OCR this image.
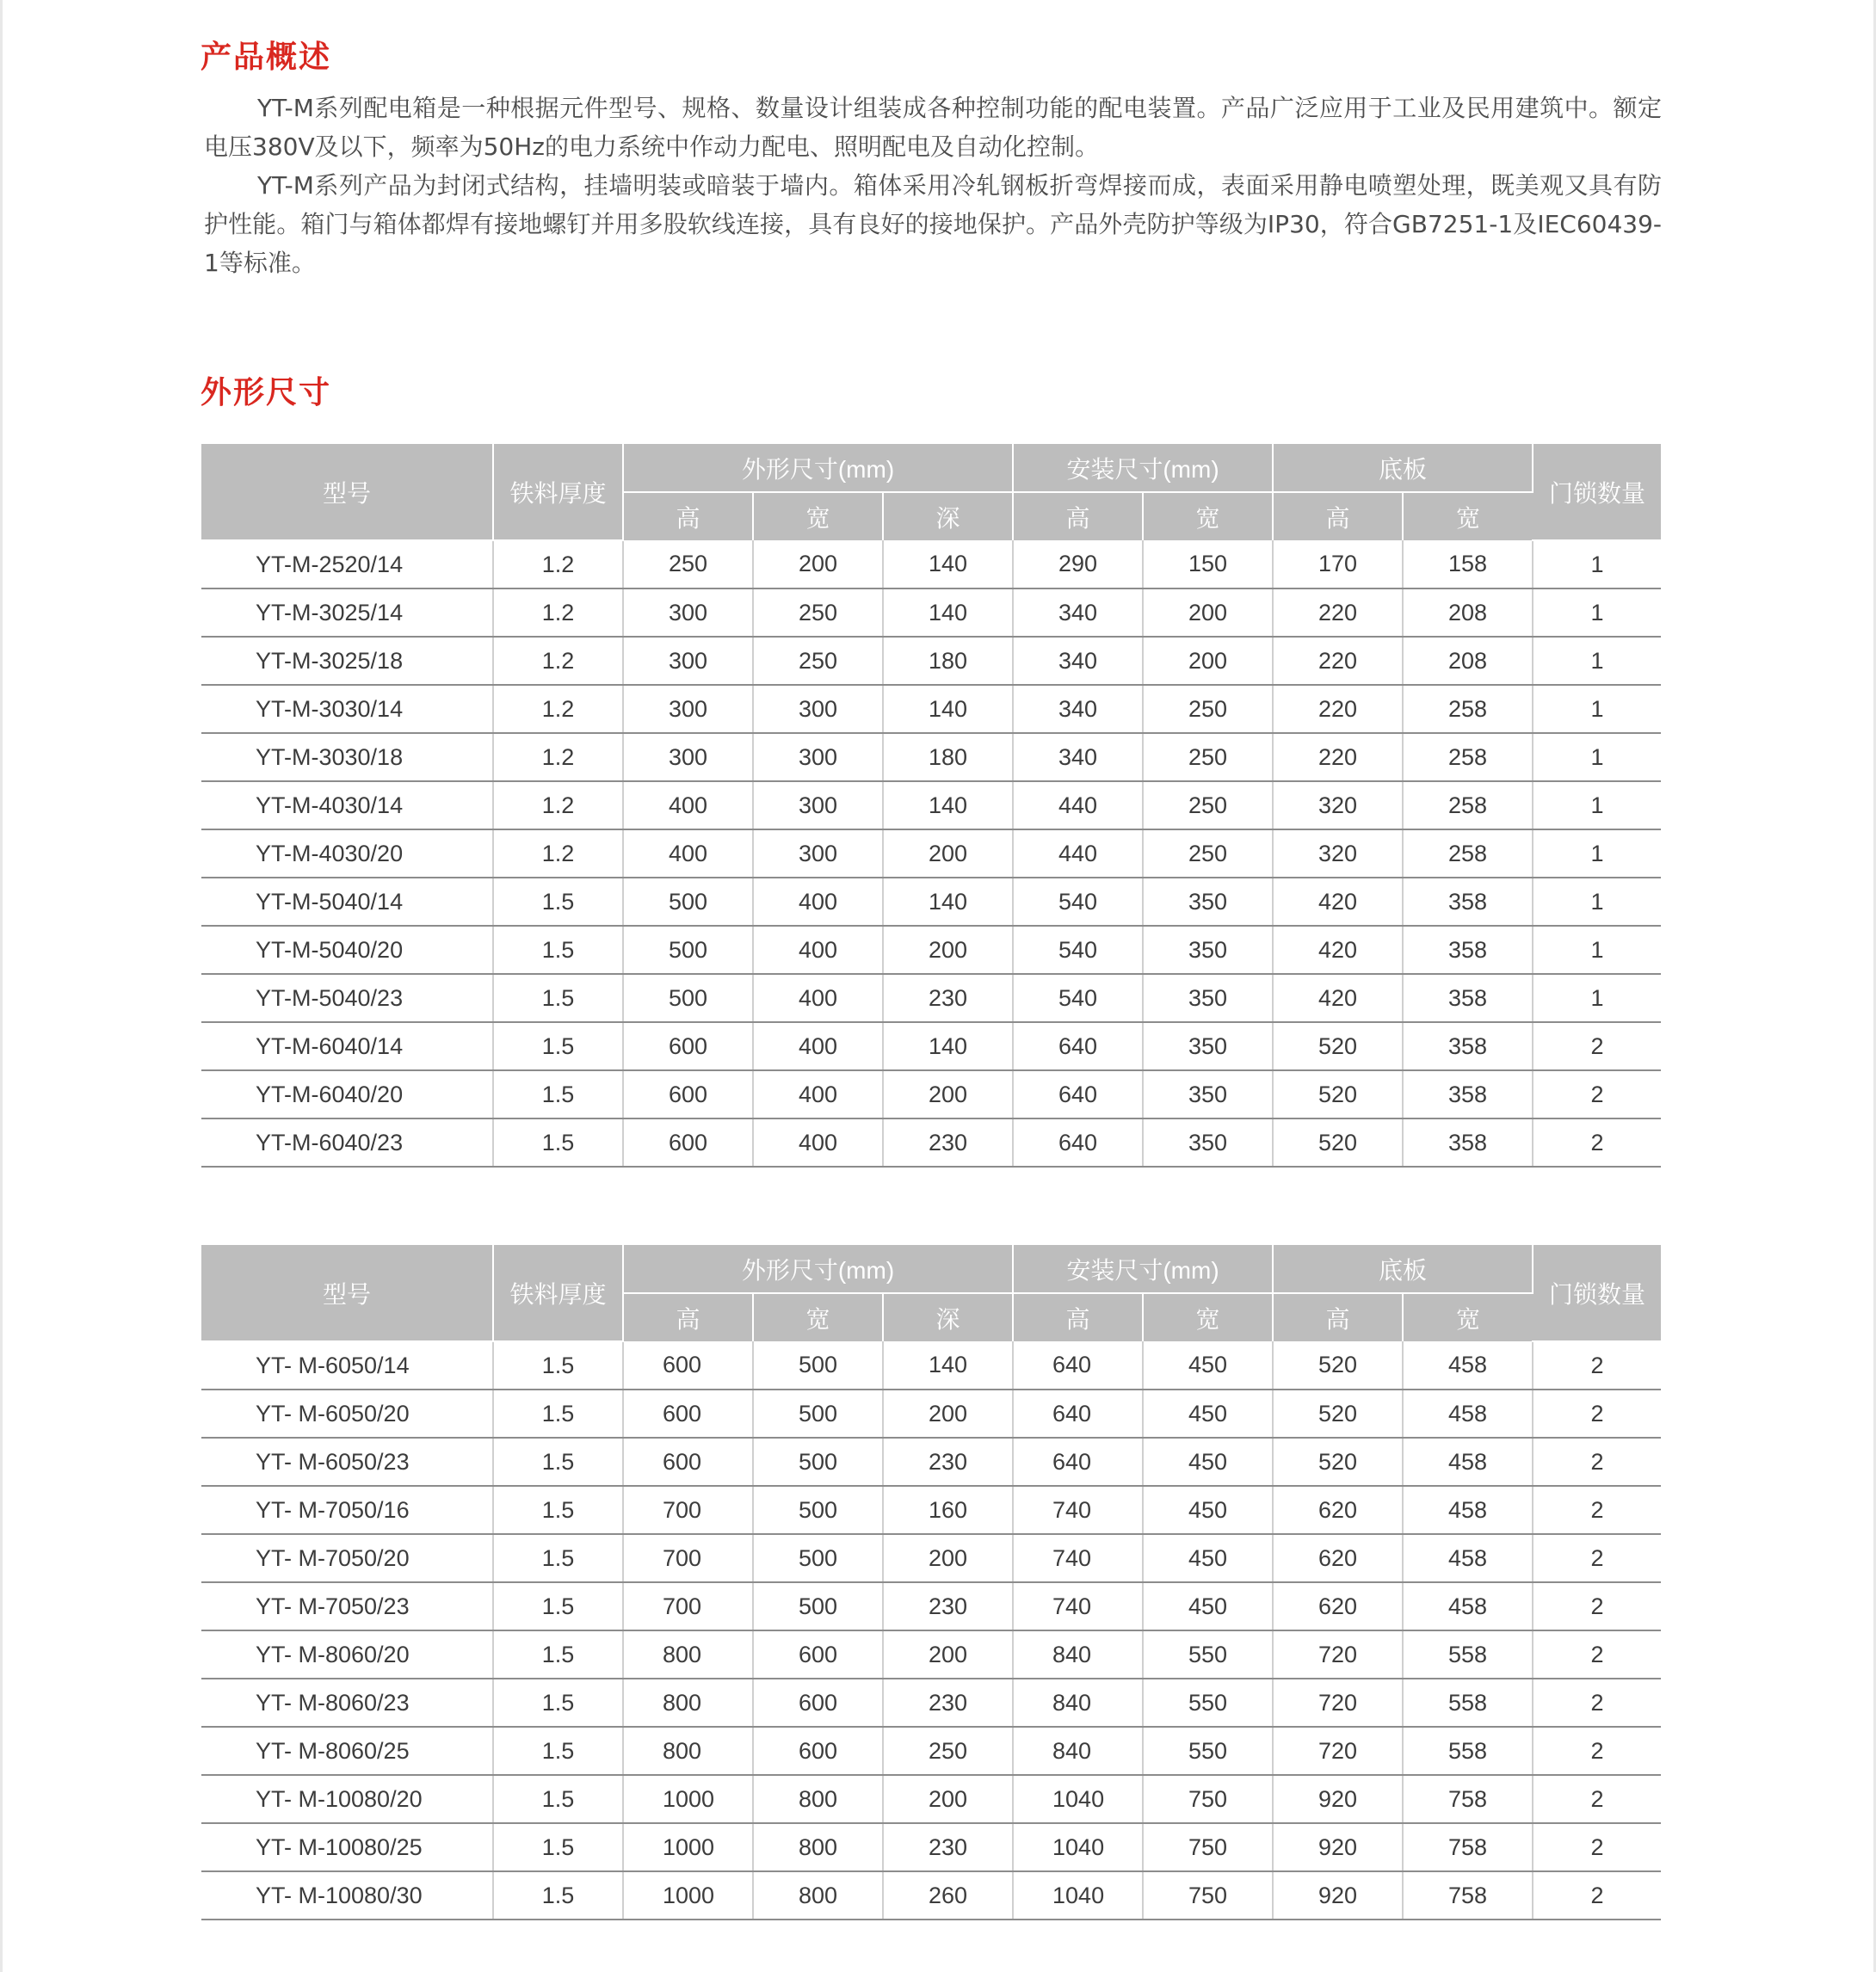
产品概述

YT-M系列配电箱是一种根据元件型号、规格、数量设计组装成各种控制功能的配电装置。产品广泛应用于工业及民用建筑中。额定电压380V及以下，频率为50Hz的电力系统中作动力配电、照明配电及自动化控制。

YT-M系列产品为封闭式结构，挂墙明装或暗装于墙内。箱体采用冷轧钢板折弯焊接而成，表面采用静电喷塑处理，既美观又具有防护性能。箱门与箱体都焊有接地螺钉并用多股软线连接，具有良好的接地保护。产品外壳防护等级为IP30，符合GB7251-1及IEC60439-1等标准。

外形尺寸
型号	铁料厚度	外形尺寸(mm)			安装尺寸(mm)		底板		门锁数量
		高	宽	深	高	宽	高	宽	
YT-M-2520/14	1.2	250	200	140	290	150	170	158	1
YT-M-3025/14	1.2	300	250	140	340	200	220	208	1
YT-M-3025/18	1.2	300	250	180	340	200	220	208	1
YT-M-3030/14	1.2	300	300	140	340	250	220	258	1
YT-M-3030/18	1.2	300	300	180	340	250	220	258	1
YT-M-4030/14	1.2	400	300	140	440	250	320	258	1
YT-M-4030/20	1.2	400	300	200	440	250	320	258	1
YT-M-5040/14	1.5	500	400	140	540	350	420	358	1
YT-M-5040/20	1.5	500	400	200	540	350	420	358	1
YT-M-5040/23	1.5	500	400	230	540	350	420	358	1
YT-M-6040/14	1.5	600	400	140	640	350	520	358	2
YT-M-6040/20	1.5	600	400	200	640	350	520	358	2
YT-M-6040/23	1.5	600	400	230	640	350	520	358	2
型号	铁料厚度	外形尺寸(mm)			安装尺寸(mm)		底板		门锁数量
		高	宽	深	高	宽	高	宽	
YT- M-6050/14	1.5	600	500	140	640	450	520	458	2
YT- M-6050/20	1.5	600	500	200	640	450	520	458	2
YT- M-6050/23	1.5	600	500	230	640	450	520	458	2
YT- M-7050/16	1.5	700	500	160	740	450	620	458	2
YT- M-7050/20	1.5	700	500	200	740	450	620	458	2
YT- M-7050/23	1.5	700	500	230	740	450	620	458	2
YT- M-8060/20	1.5	800	600	200	840	550	720	558	2
YT- M-8060/23	1.5	800	600	230	840	550	720	558	2
YT- M-8060/25	1.5	800	600	250	840	550	720	558	2
YT- M-10080/20	1.5	1000	800	200	1040	750	920	758	2
YT- M-10080/25	1.5	1000	800	230	1040	750	920	758	2
YT- M-10080/30	1.5	1000	800	260	1040	750	920	758	2
